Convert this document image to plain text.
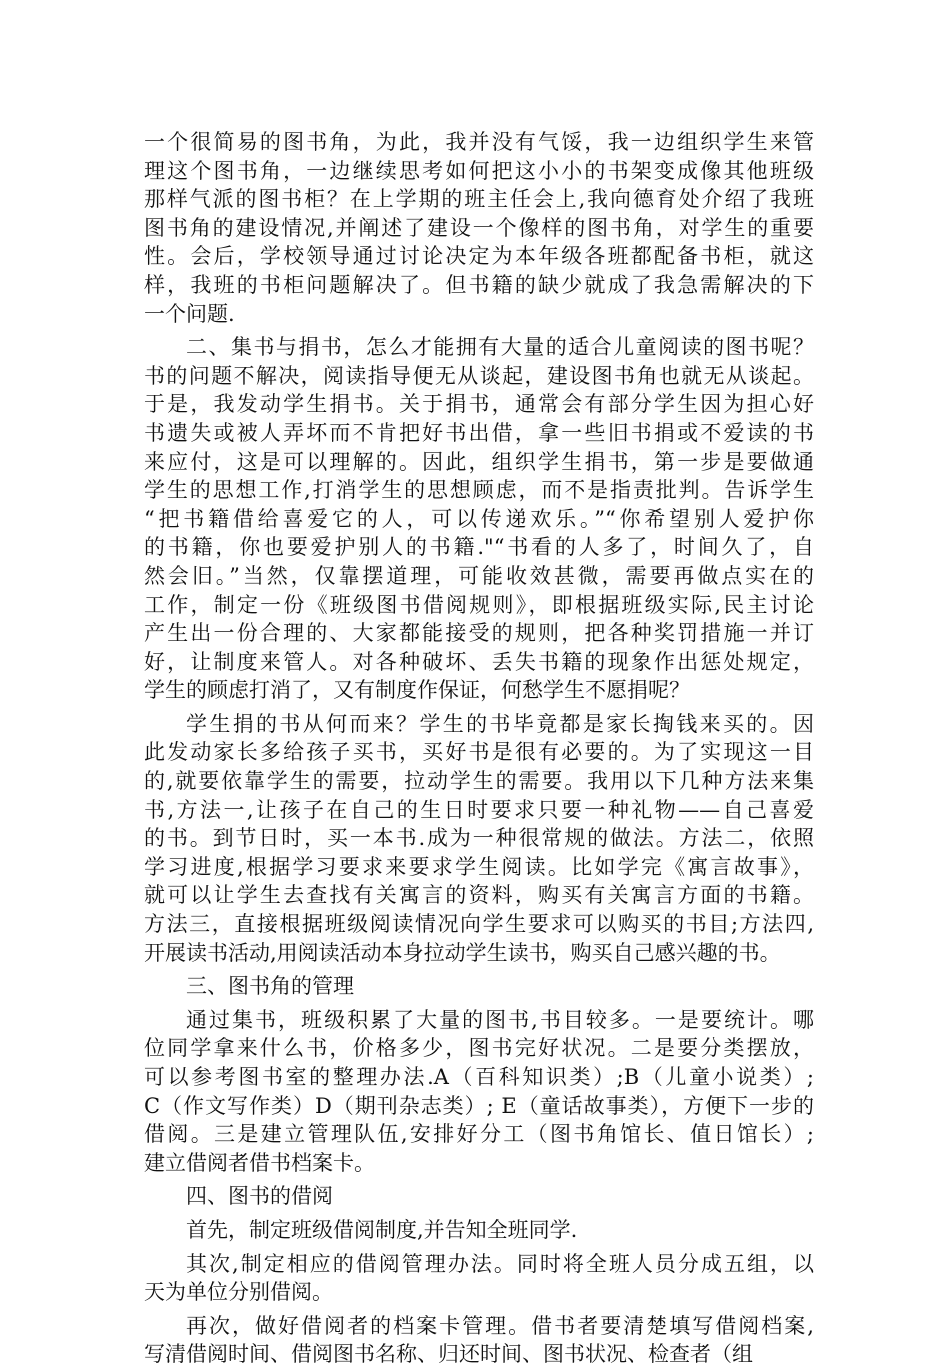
一个很简易的图书角，为此，我并没有气馁，我一边组织学生来管
理这个图书角，一边继续思考如何把这小小的书架变成像其他班级
那样气派的图书柜？在上学期的班主任会上,我向德育处介绍了我班
图书角的建设情况,并阐述了建设一个像样的图书角，对学生的重要
性。会后，学校领导通过讨论决定为本年级各班都配备书柜，就这
样，我班的书柜问题解决了。但书籍的缺少就成了我急需解决的下
一个问题.
二、集书与捐书，怎么才能拥有大量的适合儿童阅读的图书呢？
书的问题不解决，阅读指导便无从谈起，建设图书角也就无从谈起。
于是，我发动学生捐书。关于捐书，通常会有部分学生因为担心好
书遗失或被人弄坏而不肯把好书出借，拿一些旧书捐或不爱读的书
来应付，这是可以理解的。因此，组织学生捐书，第一步是要做通
学生的思想工作,打消学生的思想顾虑，而不是指责批判。告诉学生
“把书籍借给喜爱它的人，可以传递欢乐。”“你希望别人爱护你
的书籍，你也要爱护别人的书籍."“书看的人多了，时间久了，自
然会旧。”当然，仅靠摆道理，可能收效甚微，需要再做点实在的
工作，制定一份《班级图书借阅规则》，即根据班级实际,民主讨论
产生出一份合理的、大家都能接受的规则，把各种奖罚措施一并订
好，让制度来管人。对各种破坏、丢失书籍的现象作出惩处规定，
学生的顾虑打消了，又有制度作保证，何愁学生不愿捐呢？
学生捐的书从何而来？学生的书毕竟都是家长掏钱来买的。因
此发动家长多给孩子买书，买好书是很有必要的。为了实现这一目
的,就要依靠学生的需要，拉动学生的需要。我用以下几种方法来集
书,方法一,让孩子在自己的生日时要求只要一种礼物——自己喜爱
的书。到节日时，买一本书.成为一种很常规的做法。方法二，依照
学习进度,根据学习要求来要求学生阅读。比如学完《寓言故事》，
就可以让学生去查找有关寓言的资料，购买有关寓言方面的书籍。
方法三，直接根据班级阅读情况向学生要求可以购买的书目;方法四,
开展读书活动,用阅读活动本身拉动学生读书，购买自己感兴趣的书。
三、图书角的管理
通过集书，班级积累了大量的图书,书目较多。一是要统计。哪
位同学拿来什么书，价格多少，图书完好状况。二是要分类摆放，
可以参考图书室的整理办法.A（百科知识类）;B（儿童小说类）;
C（作文写作类）D（期刊杂志类）; E（童话故事类），方便下一步的
借阅。三是建立管理队伍,安排好分工（图书角馆长、值日馆长）;
建立借阅者借书档案卡。
四、图书的借阅
首先，制定班级借阅制度,并告知全班同学.
其次,制定相应的借阅管理办法。同时将全班人员分成五组，以
天为单位分别借阅。
再次，做好借阅者的档案卡管理。借书者要清楚填写借阅档案,
写清借阅时间、借阅图书名称、归还时间、图书状况、检查者（组
